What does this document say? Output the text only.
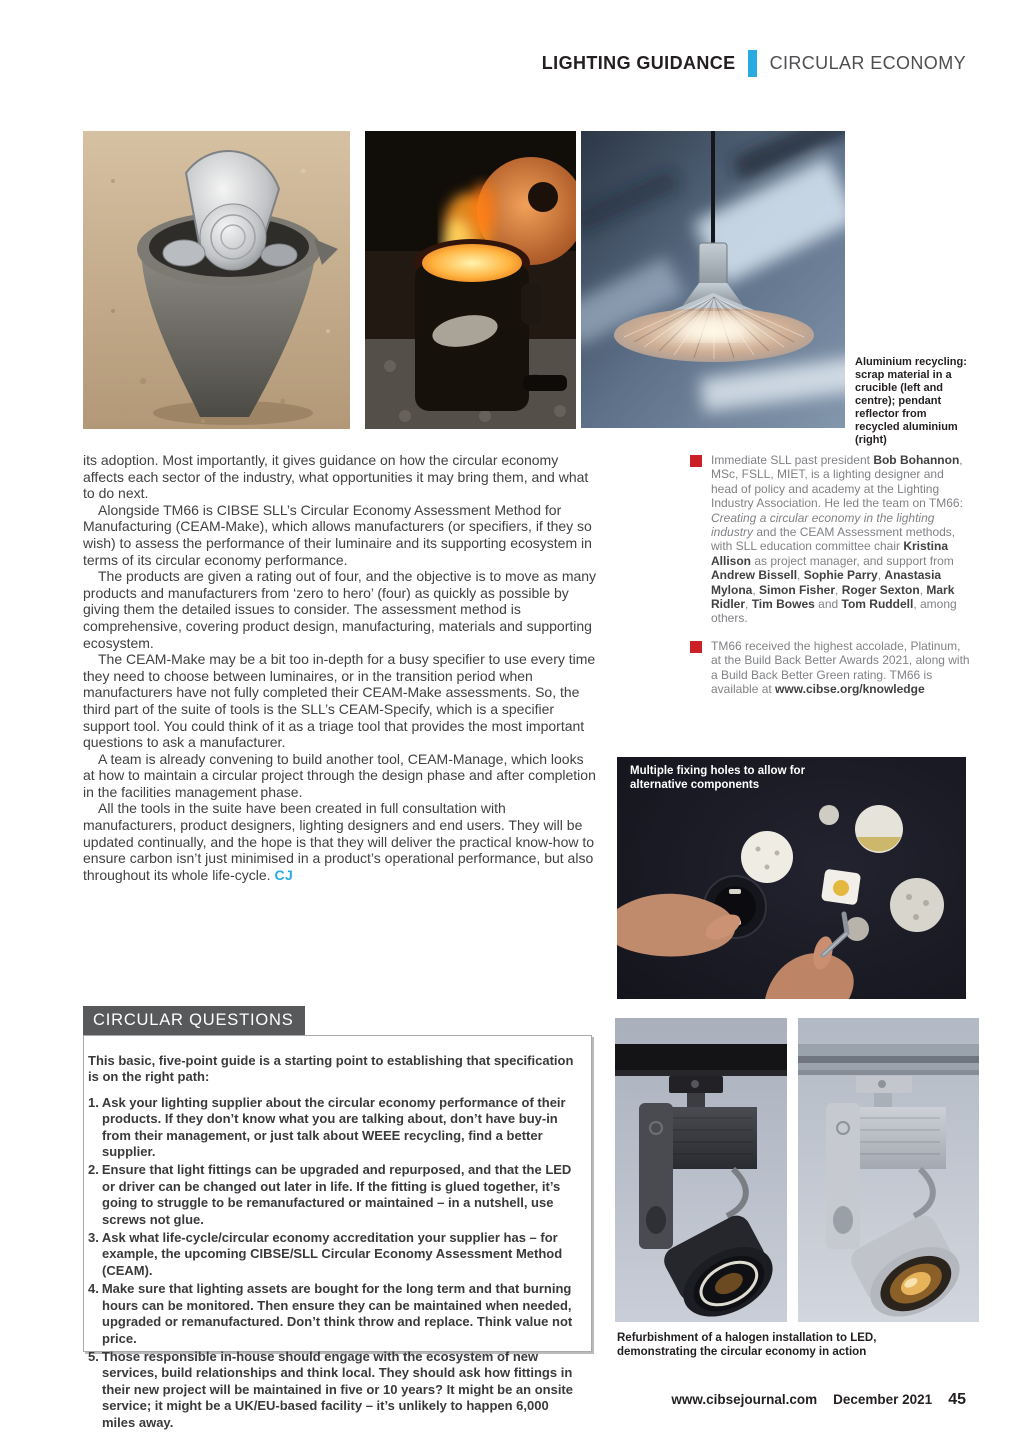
LIGHTING GUIDANCE CIRCULAR ECONOMY
Aluminium recycling: scrap material in a crucible (left and centre); pendant reflector from recycled aluminium (right)

its adoption. Most importantly, it gives guidance on how the circular economy affects each sector of the industry, what opportunities it may bring them, and what to do next.

Alongside TM66 is CIBSE SLL’s Circular Economy Assessment Method for Manufacturing (CEAM-Make), which allows manufacturers (or specifiers, if they so wish) to assess the performance of their luminaire and its supporting ecosystem in terms of its circular economy performance.

The products are given a rating out of four, and the objective is to move as many products and manufacturers from ‘zero to hero’ (four) as quickly as possible by giving them the detailed issues to consider. The assessment method is comprehensive, covering product design, manufacturing, materials and supporting ecosystem.

The CEAM-Make may be a bit too in-depth for a busy specifier to use every time they need to choose between luminaires, or in the transition period when manufacturers have not fully completed their CEAM-Make assessments. So, the third part of the suite of tools is the SLL’s CEAM-Specify, which is a specifier support tool. You could think of it as a triage tool that provides the most important questions to ask a manufacturer.

A team is already convening to build another tool, CEAM-Manage, which looks at how to maintain a circular project through the design phase and after completion in the facilities management phase.

All the tools in the suite have been created in full consultation with manufacturers, product designers, lighting designers and end users. They will be updated continually, and the hope is that they will deliver the practical know-how to ensure carbon isn’t just minimised in a product’s operational performance, but also throughout its whole life-cycle. CJ

Immediate SLL past president Bob Bohannon, MSc, FSLL, MIET, is a lighting designer and head of policy and academy at the Lighting Industry Association. He led the team on TM66: Creating a circular economy in the lighting industry and the CEAM Assessment methods, with SLL education committee chair Kristina Allison as project manager, and support from Andrew Bissell, Sophie Parry, Anastasia Mylona, Simon Fisher, Roger Sexton, Mark Ridler, Tim Bowes and Tom Ruddell, among others.
TM66 received the highest accolade, Platinum, at the Build Back Better Awards 2021, along with a Build Back Better Green rating. TM66 is available at www.cibse.org/knowledge
Multiple fixing holes to allow for alternative components
CIRCULAR QUESTIONS

This basic, five-point guide is a starting point to establishing that specification is on the right path:

1. Ask your lighting supplier about the circular economy performance of their products. If they don’t know what you are talking about, don’t have buy-in from their management, or just talk about WEEE recycling, find a better supplier.
2. Ensure that light fittings can be upgraded and repurposed, and that the LED or driver can be changed out later in life. If the fitting is glued together, it’s going to struggle to be remanufactured or maintained – in a nutshell, use screws not glue.
3. Ask what life-cycle/circular economy accreditation your supplier has – for example, the upcoming CIBSE/SLL Circular Economy Assessment Method (CEAM).
4. Make sure that lighting assets are bought for the long term and that burning hours can be monitored. Then ensure they can be maintained when needed, upgraded or remanufactured. Don’t think throw and replace. Think value not price.
5. Those responsible in-house should engage with the ecosystem of new services, build relationships and think local. They should ask how fittings in their new project will be maintained in five or 10 years? It might be an onsite service; it might be a UK/EU-based facility – it’s unlikely to happen 6,000 miles away.
Refurbishment of a halogen installation to LED, demonstrating the circular economy in action
www.cibsejournal.com December 2021 45
